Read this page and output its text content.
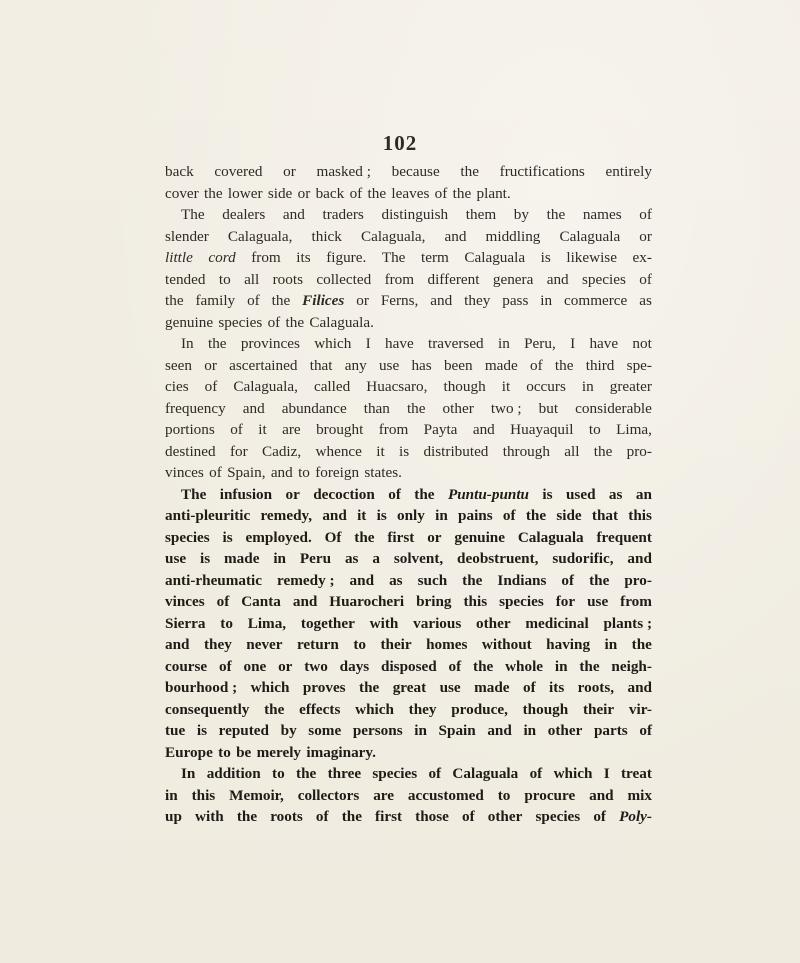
102
back covered or masked ; because the fructifications entirely
cover the lower side or back of the leaves of the plant.
The dealers and traders distinguish them by the names of
slender Calaguala, thick Calaguala, and middling Calaguala or
little cord from its figure. The term Calaguala is likewise ex-
tended to all roots collected from different genera and species of
the family of the Filices or Ferns, and they pass in commerce as
genuine species of the Calaguala.
In the provinces which I have traversed in Peru, I have not
seen or ascertained that any use has been made of the third spe-
cies of Calaguala, called Huacsaro, though it occurs in greater
frequency and abundance than the other two ; but considerable
portions of it are brought from Payta and Huayaquil to Lima,
destined for Cadiz, whence it is distributed through all the pro-
vinces of Spain, and to foreign states.
The infusion or decoction of the Puntu-puntu is used as an
anti-pleuritic remedy, and it is only in pains of the side that this
species is employed. Of the first or genuine Calaguala frequent
use is made in Peru as a solvent, deobstruent, sudorific, and
anti-rheumatic remedy ; and as such the Indians of the pro-
vinces of Canta and Huarocheri bring this species for use from
Sierra to Lima, together with various other medicinal plants ;
and they never return to their homes without having in the
course of one or two days disposed of the whole in the neigh-
bourhood ; which proves the great use made of its roots, and
consequently the effects which they produce, though their vir-
tue is reputed by some persons in Spain and in other parts of
Europe to be merely imaginary.
In addition to the three species of Calaguala of which I treat
in this Memoir, collectors are accustomed to procure and mix
up with the roots of the first those of other species of Poly-
